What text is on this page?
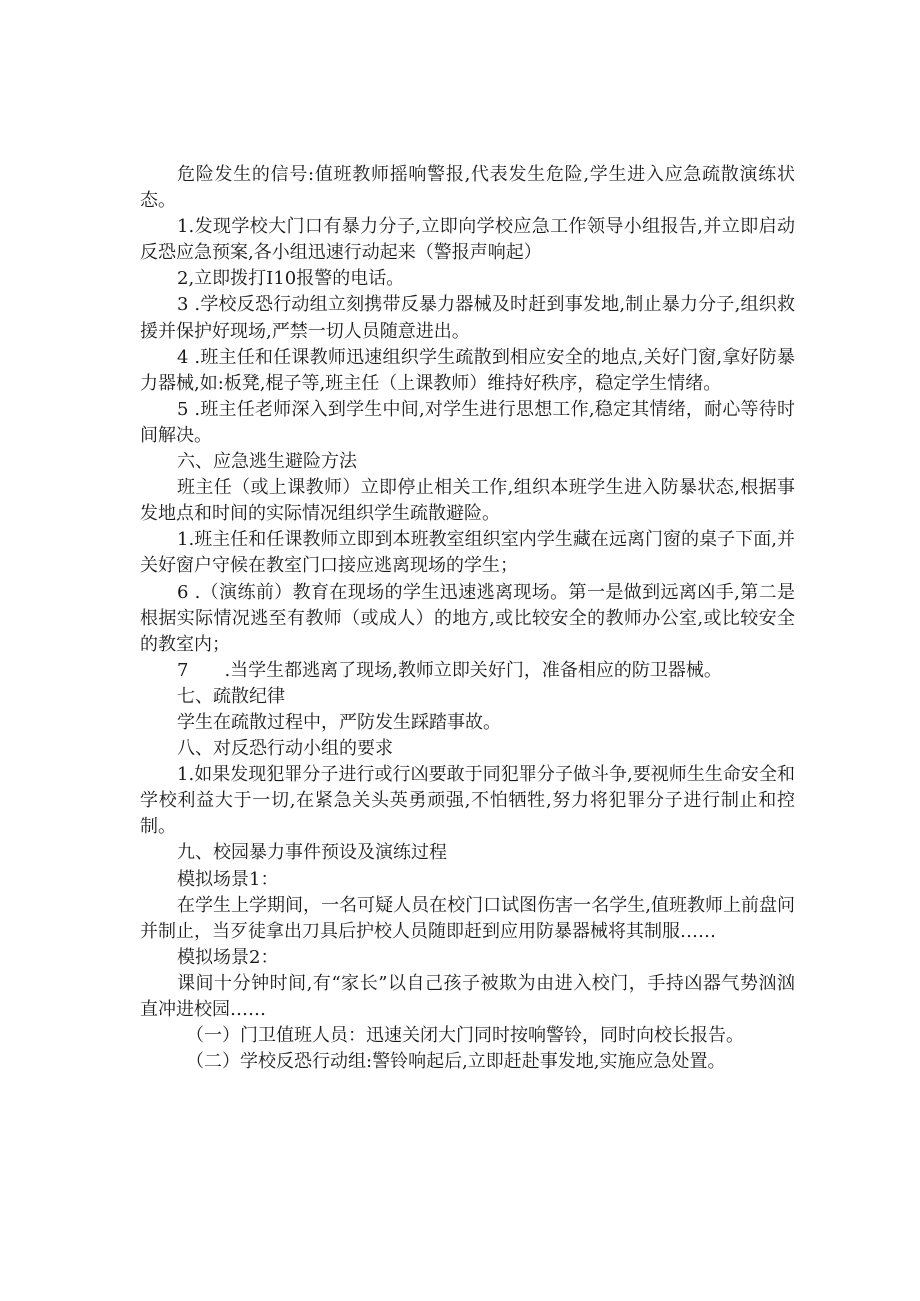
危险发生的信号:值班教师摇响警报,代表发生危险,学生进入应急疏散演练状态。

1.发现学校大门口有暴力分子,立即向学校应急工作领导小组报告,并立即启动反恐应急预案,各小组迅速行动起来（警报声响起）

2,立即拨打I10报警的电话。

3 .学校反恐行动组立刻携带反暴力器械及时赶到事发地,制止暴力分子,组织救援并保护好现场,严禁一切人员随意进出。

4 .班主任和任课教师迅速组织学生疏散到相应安全的地点,关好门窗,拿好防暴力器械,如:板凳,棍子等,班主任（上课教师）维持好秩序，稳定学生情绪。

5 .班主任老师深入到学生中间,对学生进行思想工作,稳定其情绪，耐心等待时间解决。

六、应急逃生避险方法

班主任（或上课教师）立即停止相关工作,组织本班学生进入防暴状态,根据事发地点和时间的实际情况组织学生疏散避险。

1.班主任和任课教师立即到本班教室组织室内学生藏在远离门窗的桌子下面,并关好窗户守候在教室门口接应逃离现场的学生；

6 .（演练前）教育在现场的学生迅速逃离现场。第一是做到远离凶手,第二是根据实际情况逃至有教师（或成人）的地方,或比较安全的教师办公室,或比较安全的教室内；

7　　.当学生都逃离了现场,教师立即关好门，准备相应的防卫器械。

七、疏散纪律

学生在疏散过程中，严防发生踩踏事故。

八、对反恐行动小组的要求

1.如果发现犯罪分子进行或行凶要敢于同犯罪分子做斗争,要视师生生命安全和学校利益大于一切,在紧急关头英勇顽强,不怕牺牲,努力将犯罪分子进行制止和控制。

九、校园暴力事件预设及演练过程

模拟场景1：

在学生上学期间，一名可疑人员在校门口试图伤害一名学生,值班教师上前盘问并制止，当歹徒拿出刀具后护校人员随即赶到应用防暴器械将其制服……

模拟场景2：

课间十分钟时间,有“家长”以自己孩子被欺为由进入校门，手持凶器气势汹汹直冲进校园……

（一）门卫值班人员：迅速关闭大门同时按响警铃，同时向校长报告。

（二）学校反恐行动组:警铃响起后,立即赶赴事发地,实施应急处置。
